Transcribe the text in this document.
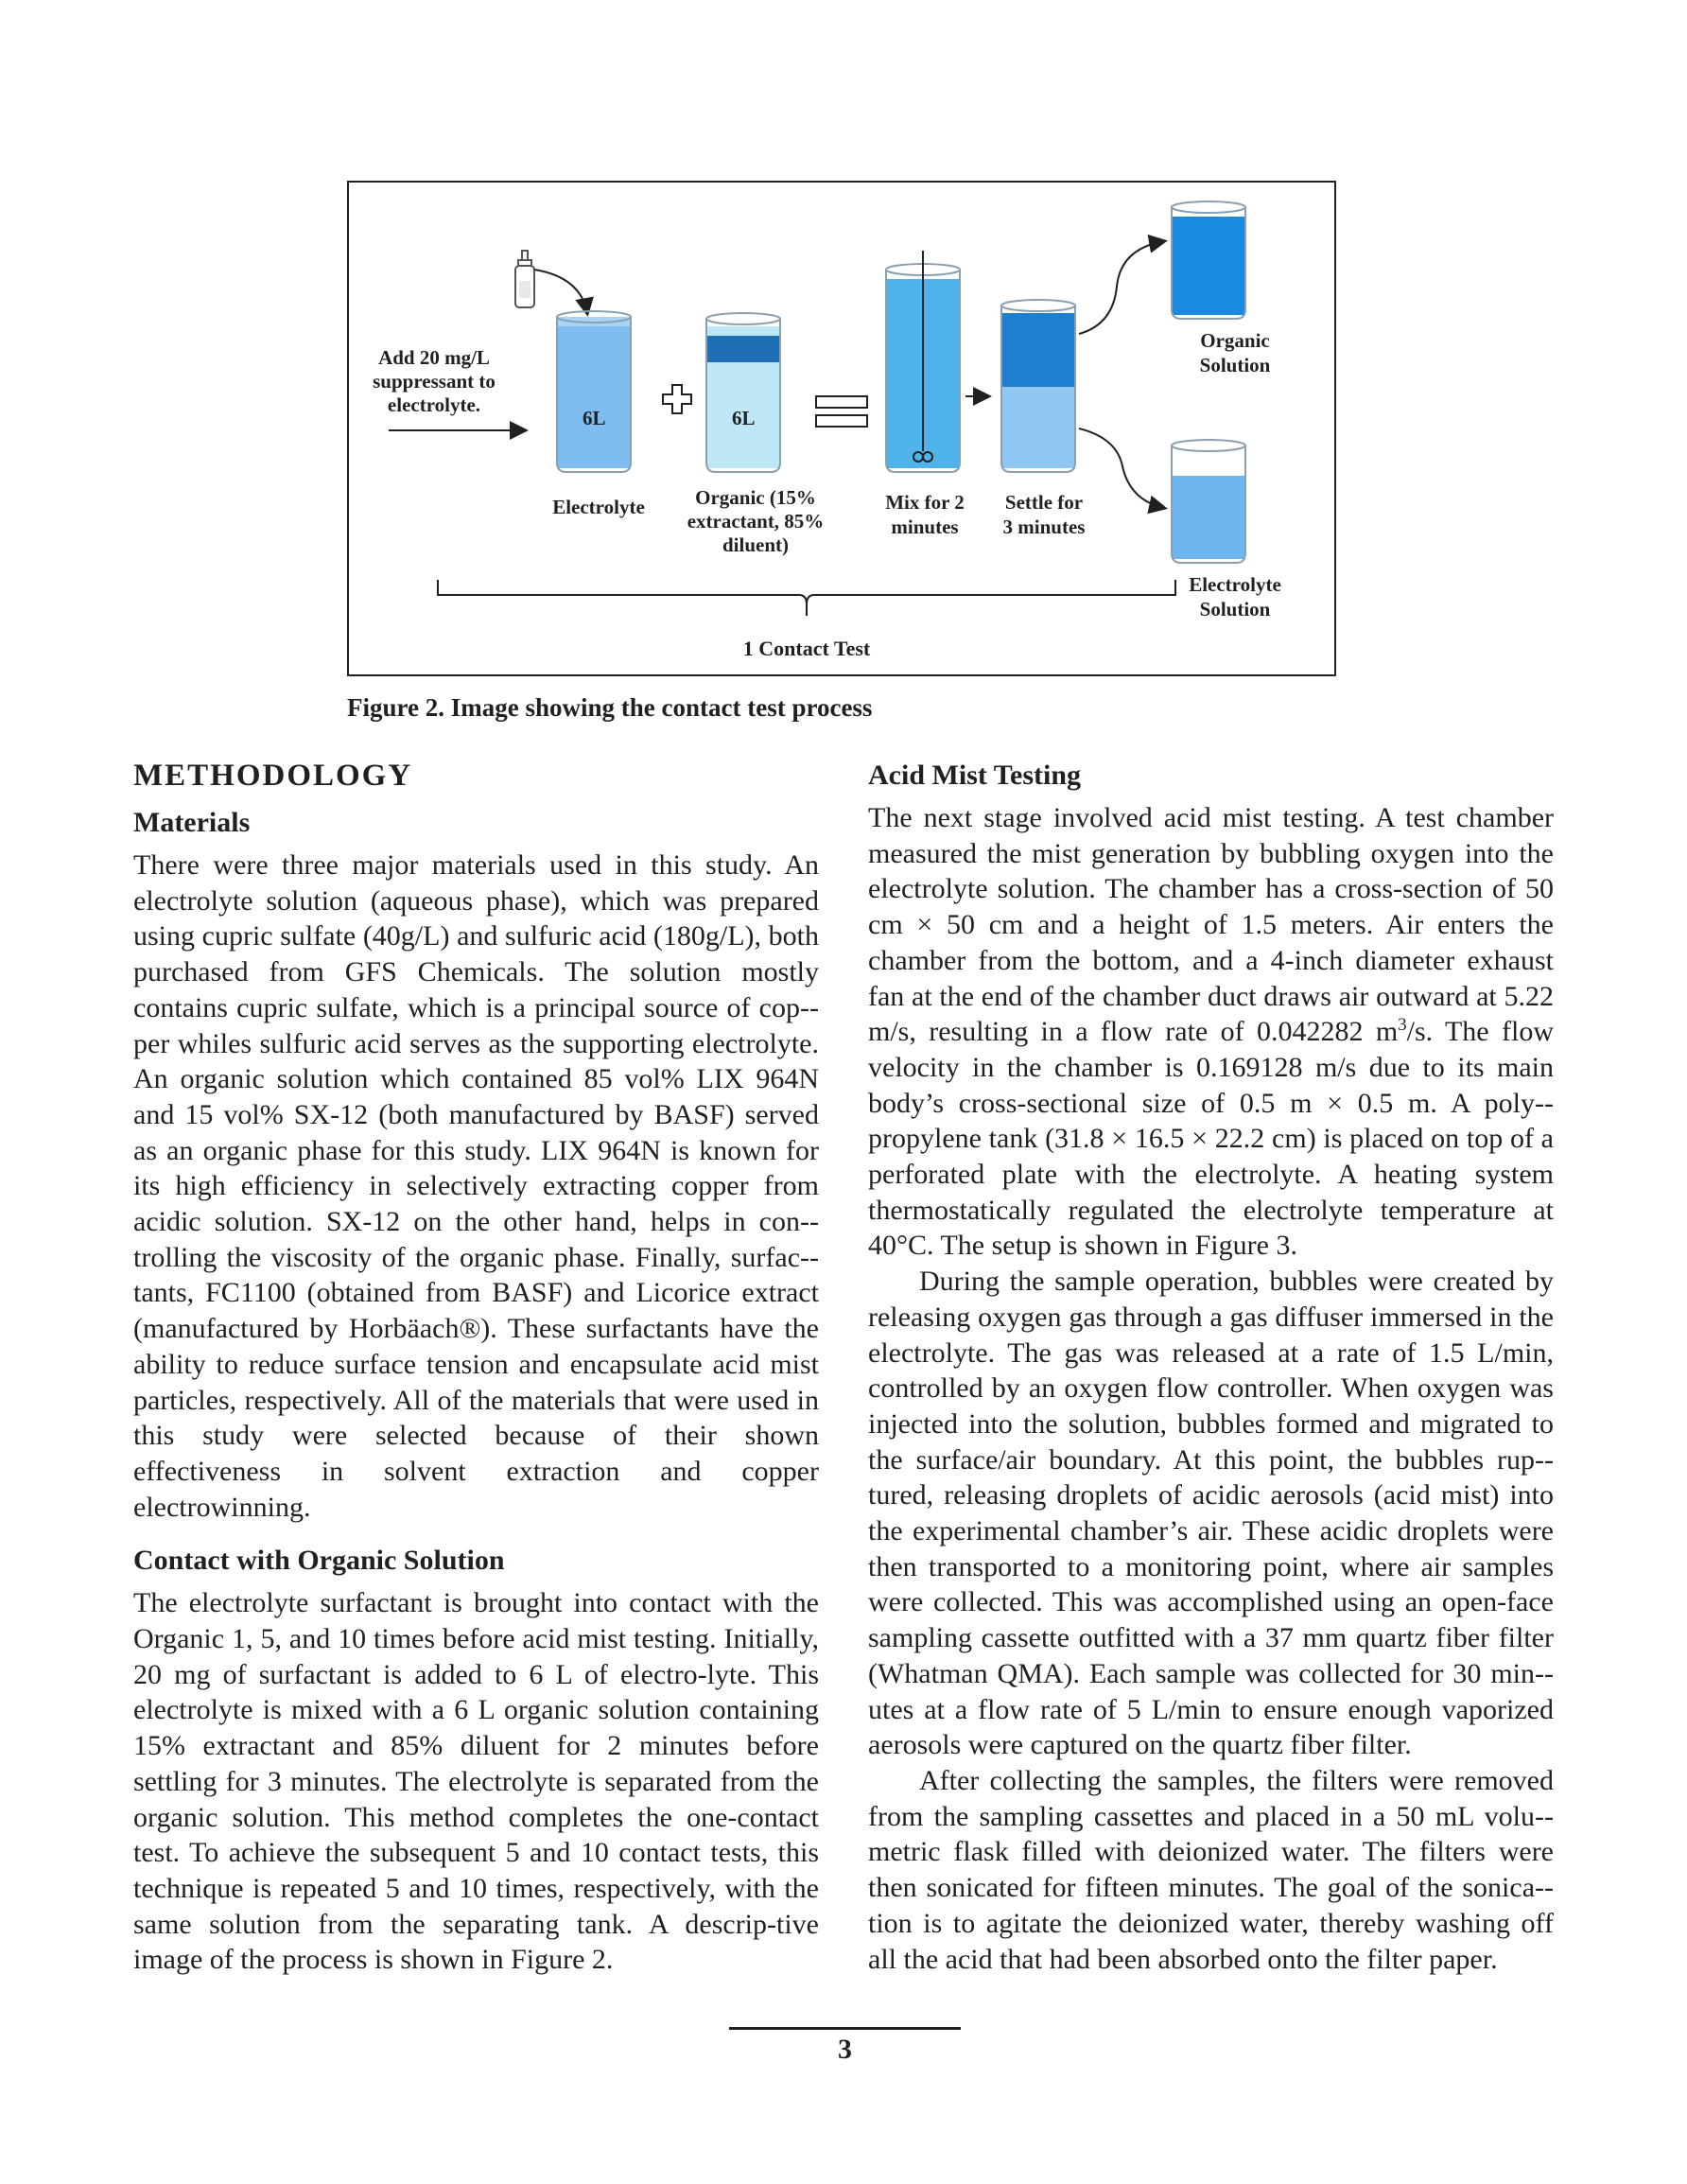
Add 20 mg/L
suppressant to
electrolyte.
6L	6L
Organic
Solution
Electrolyte
Solution
Electrolyte	Organic (15%
extractant, 85%
diluent)
Mix for 2
minutes
Settle for
3 minutes
1 Contact Test
Figure 2. Image showing the contact test process
METHODOLOGY
Materials

There were three major materials used in this study. An electrolyte solution (aqueous phase), which was prepared using cupric sulfate (40g/L) and sulfuric acid (180g/L), both purchased from GFS Chemicals. The solution mostly contains cupric sulfate, which is a principal source of cop-per whiles sulfuric acid serves as the supporting electrolyte. An organic solution which contained 85 vol% LIX 964N and 15 vol% SX-12 (both manufactured by BASF) served as an organic phase for this study. LIX 964N is known for its high efficiency in selectively extracting copper from acidic solution. SX-12 on the other hand, helps in con-trolling the viscosity of the organic phase. Finally, surfac-tants, FC1100 (obtained from BASF) and Licorice extract (manufactured by Horbäach®). These surfactants have the ability to reduce surface tension and encapsulate acid mist particles, respectively. All of the materials that were used in this study were selected because of their shown effectiveness in solvent extraction and copper electrowinning.

Contact with Organic Solution

The electrolyte surfactant is brought into contact with the Organic 1, 5, and 10 times before acid mist testing. Initially, 20 mg of surfactant is added to 6 L of electro-lyte. This electrolyte is mixed with a 6 L organic solution containing 15% extractant and 85% diluent for 2 minutes before settling for 3 minutes. The electrolyte is separated from the organic solution. This method completes the one-contact test. To achieve the subsequent 5 and 10 contact tests, this technique is repeated 5 and 10 times, respectively, with the same solution from the separating tank. A descrip-tive image of the process is shown in Figure 2.

Acid Mist Testing

The next stage involved acid mist testing. A test chamber measured the mist generation by bubbling oxygen into the electrolyte solution. The chamber has a cross-section of 50 cm × 50 cm and a height of 1.5 meters. Air enters the chamber from the bottom, and a 4-inch diameter exhaust fan at the end of the chamber duct draws air outward at 5.22 m/s, resulting in a flow rate of 0.042282 $m^3/s$. The flow velocity in the chamber is 0.169128 m/s due to its main body’s cross-sectional size of 0.5 m × 0.5 m. A poly-propylene tank (31.8 × 16.5 × 22.2 cm) is placed on top of a perforated plate with the electrolyte. A heating system thermostatically regulated the electrolyte temperature at 40°C. The setup is shown in Figure 3.

During the sample operation, bubbles were created by releasing oxygen gas through a gas diffuser immersed in the electrolyte. The gas was released at a rate of 1.5 L/min, controlled by an oxygen flow controller. When oxygen was injected into the solution, bubbles formed and migrated to the surface/air boundary. At this point, the bubbles rup-tured, releasing droplets of acidic aerosols (acid mist) into the experimental chamber’s air. These acidic droplets were then transported to a monitoring point, where air samples were collected. This was accomplished using an open-face sampling cassette outfitted with a 37 mm quartz fiber filter (Whatman QMA). Each sample was collected for 30 min-utes at a flow rate of 5 L/min to ensure enough vaporized aerosols were captured on the quartz fiber filter.

After collecting the samples, the filters were removed from the sampling cassettes and placed in a 50 mL volu-metric flask filled with deionized water. The filters were then sonicated for fifteen minutes. The goal of the sonica-tion is to agitate the deionized water, thereby washing off all the acid that had been absorbed onto the filter paper.

3
